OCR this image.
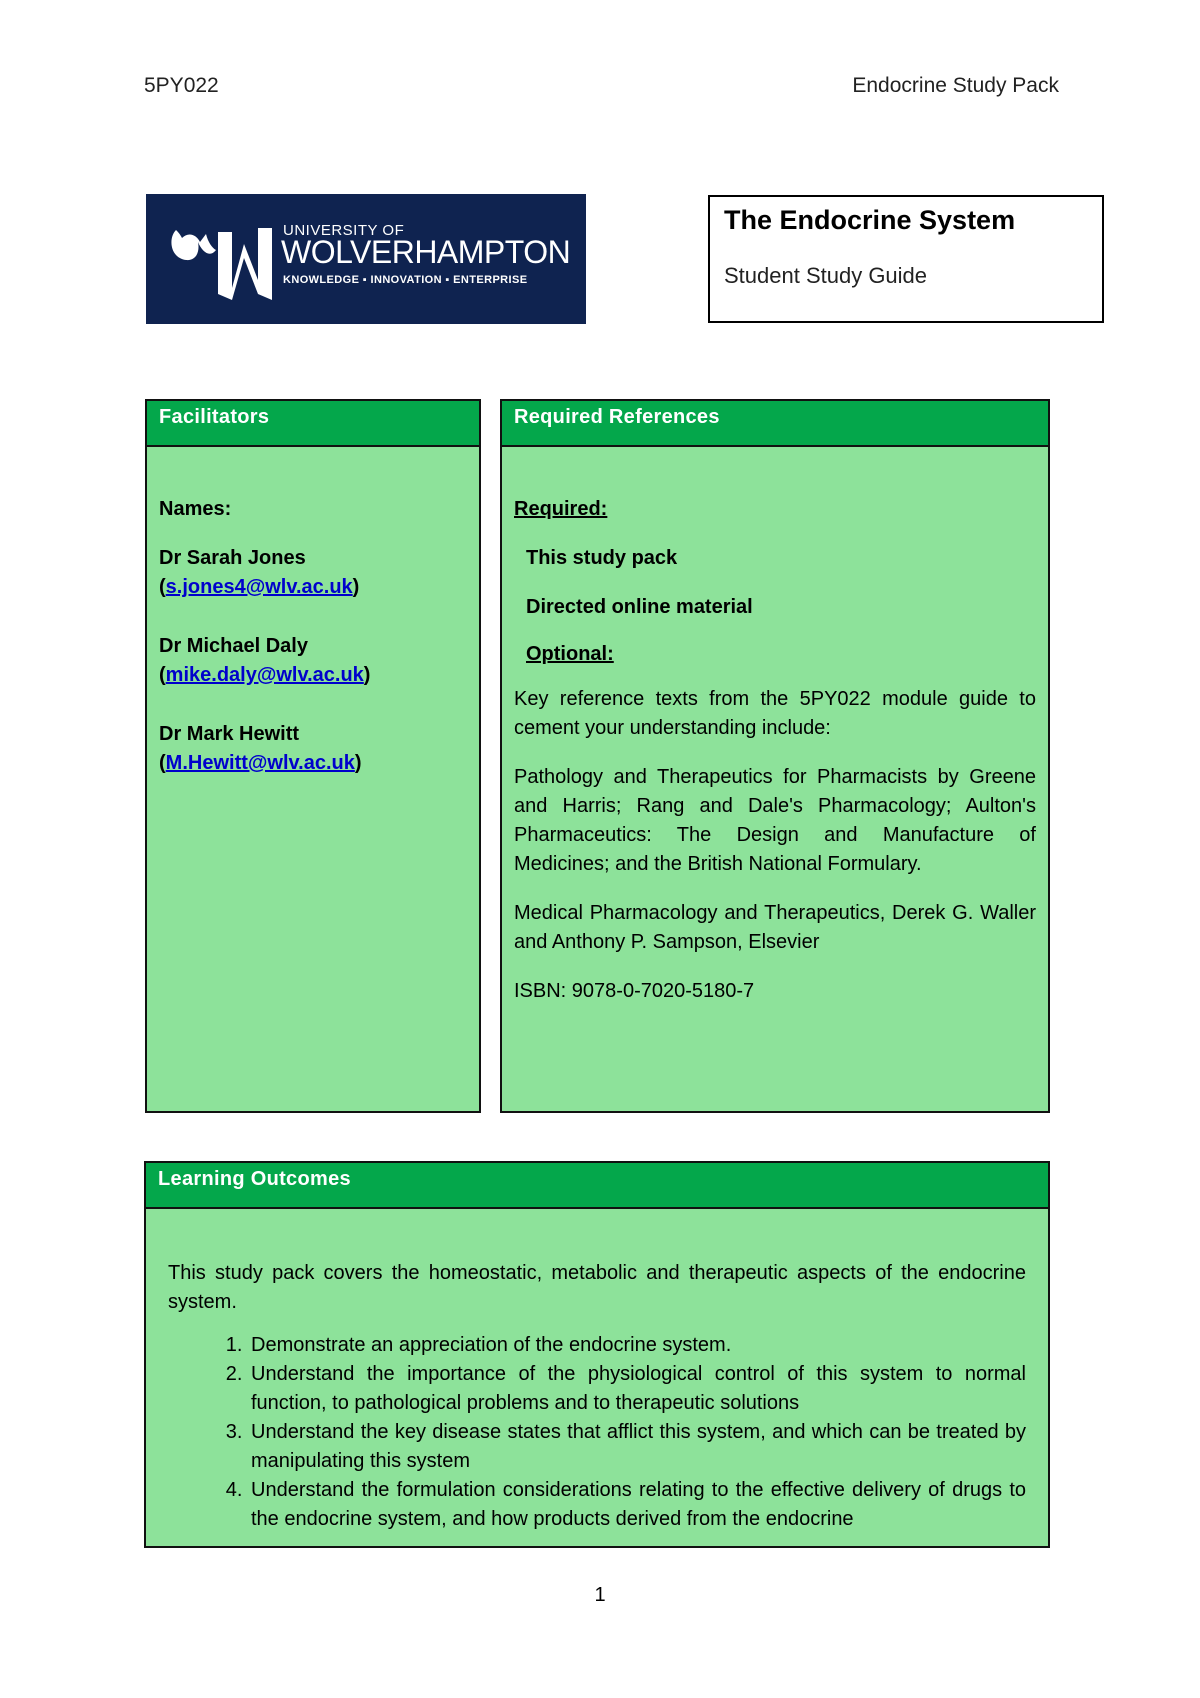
5PY022	Endocrine Study Pack
UNIVERSITY OF
WOLVERHAMPTON
KNOWLEDGE ▪ INNOVATION ▪ ENTERPRISE
The Endocrine System
Student Study Guide
Facilitators

Names:

Dr Sarah Jones

(s.jones4@wlv.ac.uk)

Dr Michael Daly

(mike.daly@wlv.ac.uk)

Dr Mark Hewitt

(M.Hewitt@wlv.ac.uk)

Required References

Required:

This study pack

Directed online material

Optional:

Key reference texts from the 5PY022 module guide to cement your understanding include:

Pathology and Therapeutics for Pharmacists by Greene and Harris; Rang and Dale's Pharmacology; Aulton's Pharmaceutics: The Design and Manufacture of Medicines; and the British National Formulary.

Medical Pharmacology and Therapeutics, Derek G. Waller and Anthony P. Sampson, Elsevier

ISBN: 9078-0-7020-5180-7

Learning Outcomes

This study pack covers the homeostatic, metabolic and therapeutic aspects of the endocrine system.

1. Demonstrate an appreciation of the endocrine system.
2. Understand the importance of the physiological control of this system to normal function, to pathological problems and to therapeutic solutions
3. Understand the key disease states that afflict this system, and which can be treated by manipulating this system
4. Understand the formulation considerations relating to the effective delivery of drugs to the endocrine system, and how products derived from the endocrine
1
